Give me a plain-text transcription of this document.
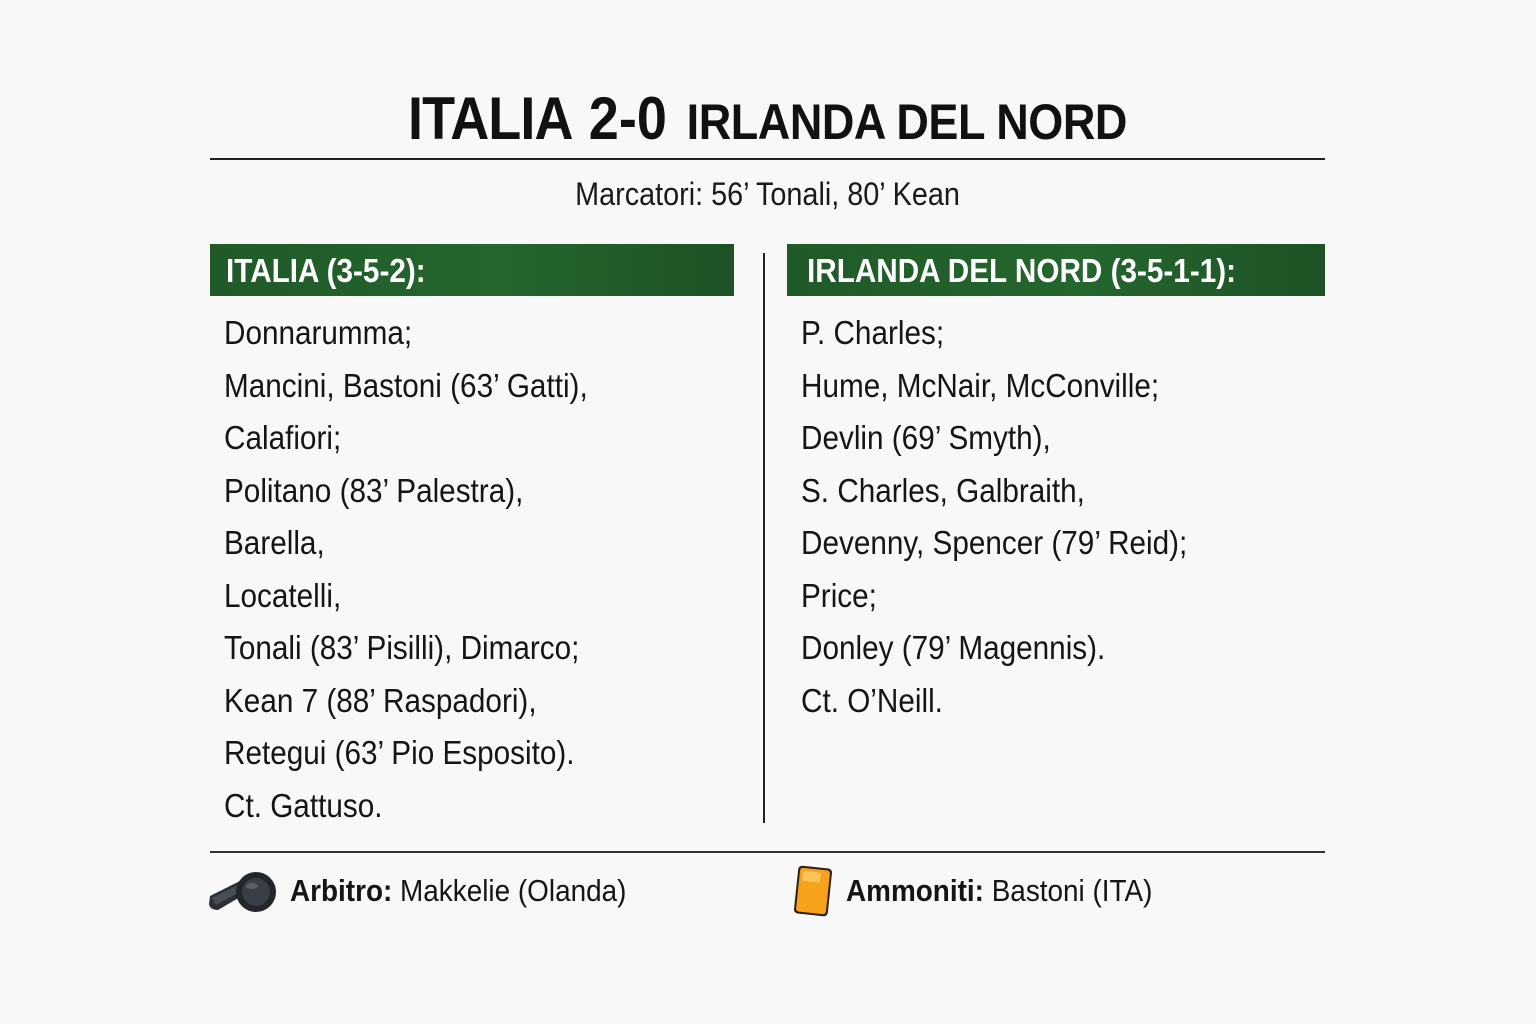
ITALIA 2-0 IRLANDA DEL NORD
Marcatori: 56’ Tonali, 80’ Kean
ITALIA (3-5-2):	IRLANDA DEL NORD (3-5-1-1):
Donnarumma;
Mancini, Bastoni (63’ Gatti),
Calafiori;
Politano (83’ Palestra),
Barella,
Locatelli,
Tonali (83’ Pisilli), Dimarco;
Kean 7 (88’ Raspadori),
Retegui (63’ Pio Esposito).
Ct. Gattuso.
P. Charles;
Hume, McNair, McConville;
Devlin (69’ Smyth),
S. Charles, Galbraith,
Devenny, Spencer (79’ Reid);
Price;
Donley (79’ Magennis).
Ct. O’Neill.
Arbitro: Makkelie (Olanda)	Ammoniti: Bastoni (ITA)
